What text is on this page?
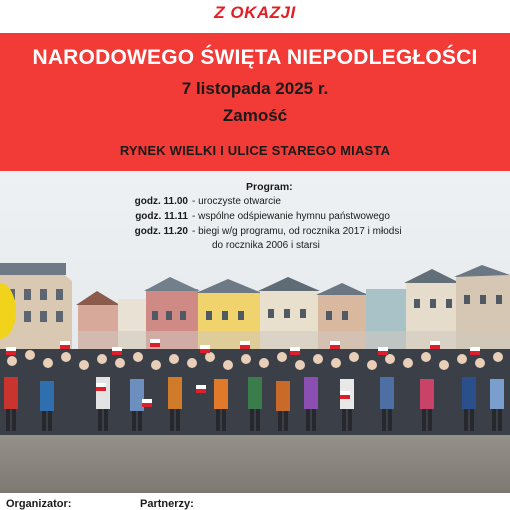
Z OKAZJI
NARODOWEGO ŚWIĘTA NIEPODLEGŁOŚCI
7 listopada 2025 r.
Zamość
RYNEK WIELKI I ULICE STAREGO MIASTA
Program:
godz. 11.00 - uroczyste otwarcie
godz. 11.11 - wspólne odśpiewanie hymnu państwowego
godz. 11.20 - biegi w/g programu, od rocznika 2017 i młodsi
do rocznika 2006 i starsi
Organizator:	Partnerzy:
